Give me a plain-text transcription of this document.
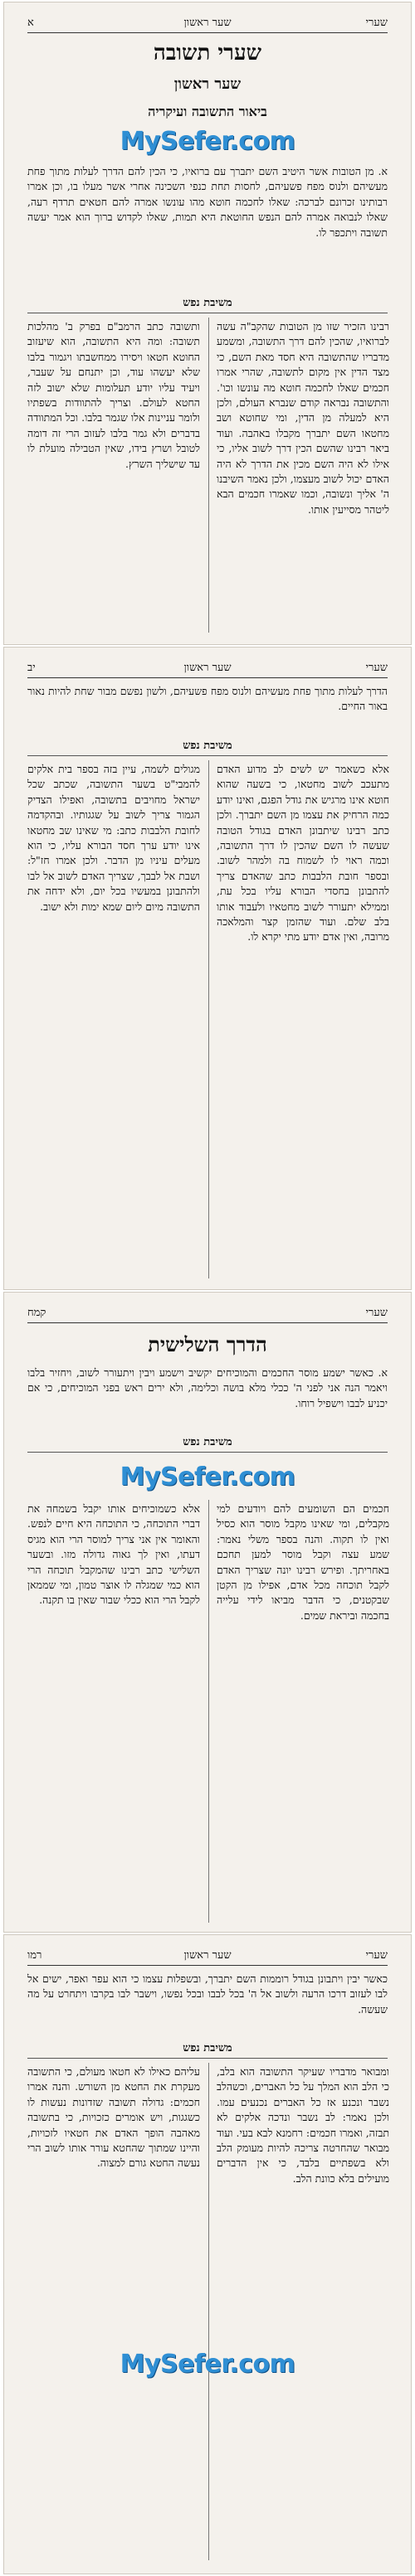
שערי
שער ראשון
א
שערי תשובה
שער ראשון
ביאור התשובה ועיקריה
MySefer.com
א. מן הטובות אשר היטיב השם יתברך עם ברואיו, כי הכין להם הדרך לעלות מתוך פחת מעשיהם ולנוס מפח פשעיהם, לחסות תחת כנפי השכינה אחרי אשר מעלו בו, וכן אמרו רבותינו זכרונם לברכה: שאלו לחכמה חוטא מהו עונשו אמרה להם חטאים תרדף רעה, שאלו לנבואה אמרה להם הנפש החוטאת היא תמות, שאלו לקדוש ברוך הוא אמר יעשה תשובה ויתכפר לו.
משיבת נפש
רבינו הזכיר שזו מן הטובות שהקב"ה עשה לברואיו, שהכין להם דרך התשובה, ומשמע מדבריו שהתשובה היא חסד מאת השם, כי מצד הדין אין מקום לתשובה, שהרי אמרו חכמים שאלו לחכמה חוטא מה עונשו וכו'. והתשובה נבראה קודם שנברא העולם, ולכן היא למעלה מן הדין, ומי שחוטא ושב מחטאו השם יתברך מקבלו באהבה. ועוד ביאר רבינו שהשם הכין דרך לשוב אליו, כי אילו לא היה השם מכין את הדרך לא היה האדם יכול לשוב מעצמו, ולכן נאמר השיבנו ה' אליך ונשובה, וכמו שאמרו חכמים הבא ליטהר מסייעין אותו.
ותשובה כתב הרמב"ם בפרק ב' מהלכות תשובה: ומה היא התשובה, הוא שיעזוב החוטא חטאו ויסירו ממחשבתו ויגמור בלבו שלא יעשהו עוד, וכן יתנחם על שעבר, ויעיד עליו יודע תעלומות שלא ישוב לזה החטא לעולם. וצריך להתוודות בשפתיו ולומר עניינות אלו שגמר בלבו. וכל המתוודה בדברים ולא גמר בלבו לעזוב הרי זה דומה לטובל ושרץ בידו, שאין הטבילה מועלת לו עד שישליך השרץ.
שערי
שער ראשון
יב
הדרך לעלות מתוך פחת מעשיהם ולנוס מפח פשעיהם, ולשון נפשם מבור שחת להיות נאור באור החיים.
משיבת נפש
אלא כשאמר יש לשים לב מדוע האדם מתעכב לשוב מחטאו, כי בשעה שהוא חוטא אינו מרגיש את גודל הפגם, ואינו יודע כמה הרחיק את עצמו מן השם יתברך. ולכן כתב רבינו שיתבונן האדם בגודל הטובה שעשה לו השם שהכין לו דרך התשובה, וכמה ראוי לו לשמוח בה ולמהר לשוב. ובספר חובת הלבבות כתב שהאדם צריך להתבונן בחסדי הבורא עליו בכל עת, וממילא יתעורר לשוב מחטאיו ולעבוד אותו בלב שלם. ועוד שהזמן קצר והמלאכה מרובה, ואין אדם יודע מתי יקרא לו.
מגולים לשמה, עיין בזה בספר בית אלקים להמבי"ט בשער התשובה, שכתב שכל ישראל מחויבים בתשובה, ואפילו הצדיק הגמור צריך לשוב על שגגותיו. ובהקדמה לחובת הלבבות כתב: מי שאינו שב מחטאו אינו יודע ערך חסד הבורא עליו, כי הוא מעלים עיניו מן הדבר. ולכן אמרו חז"ל: ושבת אל לבבך, שצריך האדם לשוב אל לבו ולהתבונן במעשיו בכל יום, ולא ידחה את התשובה מיום ליום שמא ימות ולא ישוב.
שערי
קמח
הדרך השלישית
א. כאשר ישמע מוסר החכמים והמוכיחים יקשיב וישמע ויבין ויתעורר לשוב, ויחזיר בלבו ויאמר הנה אני לפני ה' ככלי מלא בושה וכלימה, ולא ירים ראש בפני המוכיחים, כי אם יכניע לבבו וישפיל רוחו.
משיבת נפש
MySefer.com
חכמים הם השומעים להם ויודעים למי מקבלים, ומי שאינו מקבל מוסר הוא כסיל ואין לו תקוה. והנה בספר משלי נאמר: שמע עצה וקבל מוסר למען תחכם באחריתך. ופירש רבינו יונה שצריך האדם לקבל תוכחה מכל אדם, אפילו מן הקטן שבקטנים, כי הדבר מביאו לידי עלייה בחכמה וביראת שמים.
אלא כשמוכיחים אותו יקבל בשמחה את דברי התוכחה, כי התוכחה היא חיים לנפש. והאומר אין אני צריך למוסר הרי הוא מגיס דעתו, ואין לך גאוה גדולה מזו. ובשער השלישי כתב רבינו שהמקבל תוכחה הרי הוא כמי שמגלה לו אוצר טמון, ומי שממאן לקבל הרי הוא ככלי שבור שאין בו תקנה.
שערי
שער ראשון
רמו
כאשר יבין ויתבונן בגודל רוממות השם יתברך, ובשפלות עצמו כי הוא עפר ואפר, ישים אל לבו לעזוב דרכו הרעה ולשוב אל ה' בכל לבבו ובכל נפשו, וישבר לבו בקרבו ויתחרט על מה שעשה.
משיבת נפש
ומבואר מדבריו שעיקר התשובה הוא בלב, כי הלב הוא המלך על כל האברים, וכשהלב נשבר ונכנע אז כל האברים נכנעים עמו. ולכן נאמר: לב נשבר ונדכה אלקים לא תבזה, ואמרו חכמים: רחמנא לבא בעי. ועוד מבואר שהחרטה צריכה להיות מעומק הלב ולא בשפתיים בלבד, כי אין הדברים מועילים בלא כוונת הלב.
עליהם כאילו לא חטאו מעולם, כי התשובה מעקרת את החטא מן השורש. והנה אמרו חכמים: גדולה תשובה שזדונות נעשות לו כשגגות, ויש אומרים כזכויות, כי בתשובה מאהבה הופך האדם את חטאיו לזכויות, והיינו שמתוך שהחטא עורר אותו לשוב הרי נעשה החטא גורם למצוה.
MySefer.com
